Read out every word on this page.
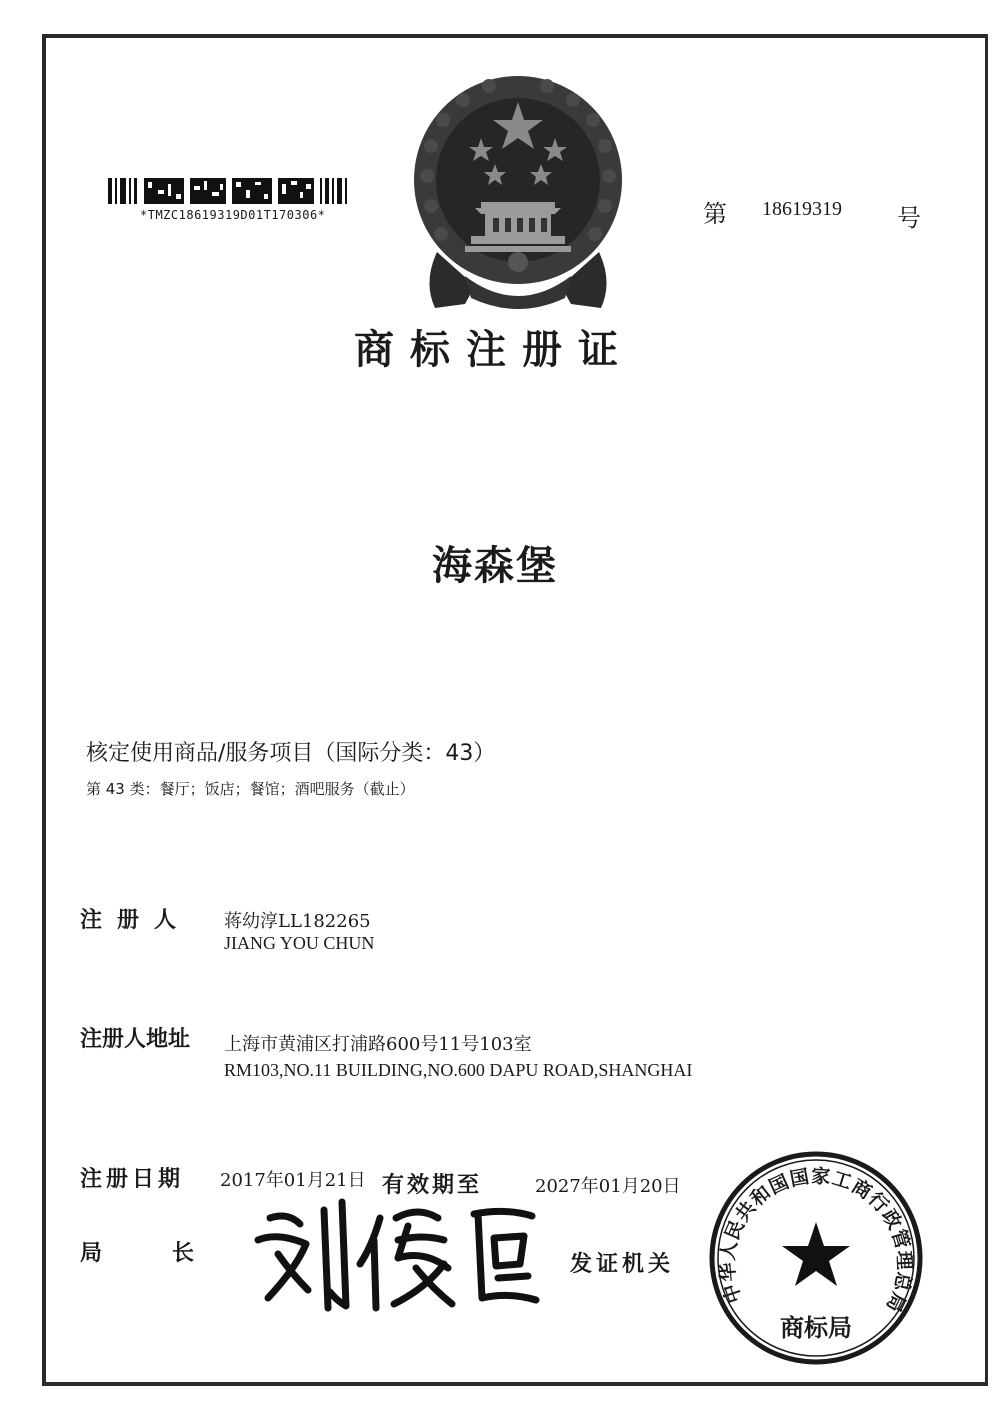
*TMZC18619319D01T170306*	第 18619319 号
商标注册证
海森堡
核定使用商品/服务项目（国际分类：43）
第 43 类：餐厅；饭店；餐馆；酒吧服务（截止）
注册人 蒋幼淳LL182265
JIANG YOU CHUN
注册人地址 上海市黄浦区打浦路600号11号103室
RM103,NO.11 BUILDING,NO.600 DAPU ROAD,SHANGHAI
注册日期 2017年01月21日 有效期至	2027年01月20日
局长	发证机关
中华人民共和国国家工商行政管理总局
商标局
